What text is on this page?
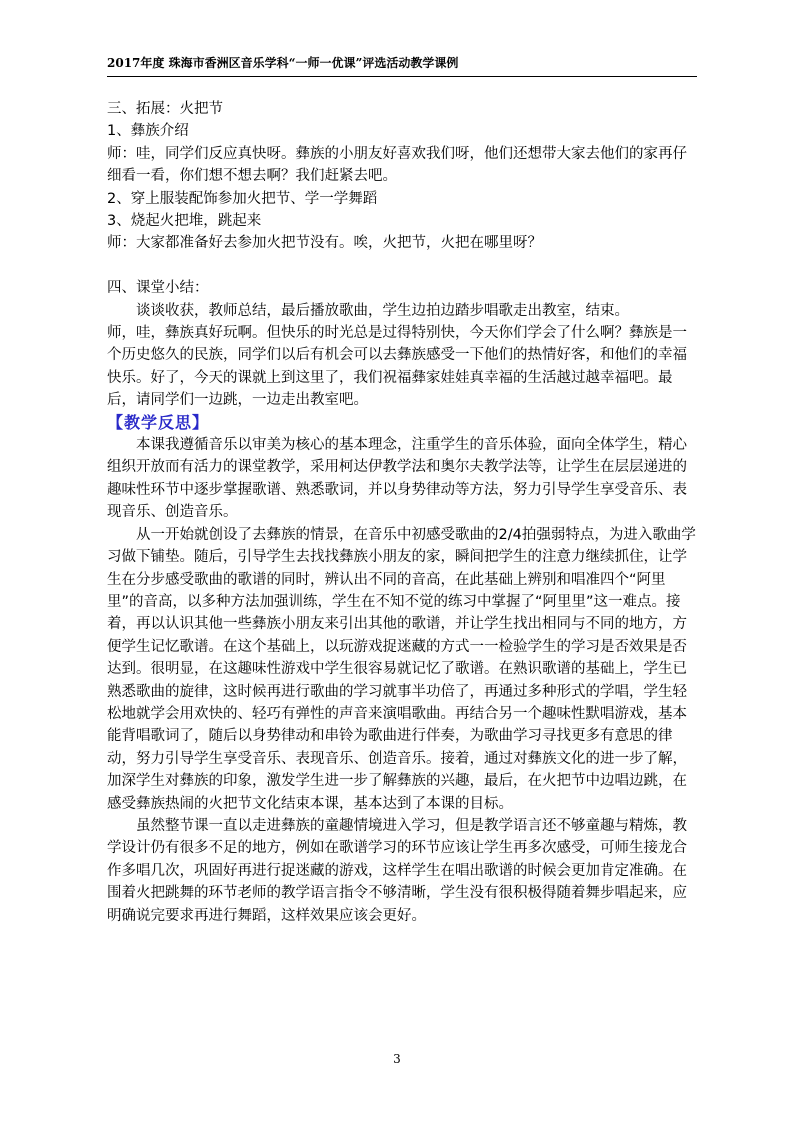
2017年度 珠海市香洲区音乐学科“一师一优课”评选活动教学课例

三、拓展：火把节

1、彝族介绍

师：哇，同学们反应真快呀。彝族的小朋友好喜欢我们呀，他们还想带大家去他们的家再仔细看一看，你们想不想去啊？我们赶紧去吧。

2、穿上服装配饰参加火把节、学一学舞蹈

3、烧起火把堆，跳起来

师：大家都准备好去参加火把节没有。唉，火把节，火把在哪里呀？

四、课堂小结：

谈谈收获，教师总结，最后播放歌曲，学生边拍边踏步唱歌走出教室，结束。

师，哇，彝族真好玩啊。但快乐的时光总是过得特别快，今天你们学会了什么啊？彝族是一个历史悠久的民族，同学们以后有机会可以去彝族感受一下他们的热情好客，和他们的幸福快乐。好了，今天的课就上到这里了，我们祝福彝家娃娃真幸福的生活越过越幸福吧。最后，请同学们一边跳，一边走出教室吧。

【教学反思】

本课我遵循音乐以审美为核心的基本理念，注重学生的音乐体验，面向全体学生，精心组织开放而有活力的课堂教学，采用柯达伊教学法和奥尔夫教学法等，让学生在层层递进的趣味性环节中逐步掌握歌谱、熟悉歌词，并以身势律动等方法，努力引导学生享受音乐、表现音乐、创造音乐。

从一开始就创设了去彝族的情景，在音乐中初感受歌曲的2/4拍强弱特点，为进入歌曲学习做下铺垫。随后，引导学生去找找彝族小朋友的家，瞬间把学生的注意力继续抓住，让学生在分步感受歌曲的歌谱的同时，辨认出不同的音高，在此基础上辨别和唱准四个“阿里里”的音高，以多种方法加强训练，学生在不知不觉的练习中掌握了“阿里里”这一难点。接着，再以认识其他一些彝族小朋友来引出其他的歌谱，并让学生找出相同与不同的地方，方便学生记忆歌谱。在这个基础上，以玩游戏捉迷藏的方式一一检验学生的学习是否效果是否达到。很明显，在这趣味性游戏中学生很容易就记忆了歌谱。在熟识歌谱的基础上，学生已熟悉歌曲的旋律，这时候再进行歌曲的学习就事半功倍了，再通过多种形式的学唱，学生轻松地就学会用欢快的、轻巧有弹性的声音来演唱歌曲。再结合另一个趣味性默唱游戏，基本能背唱歌词了，随后以身势律动和串铃为歌曲进行伴奏，为歌曲学习寻找更多有意思的律动，努力引导学生享受音乐、表现音乐、创造音乐。接着，通过对彝族文化的进一步了解，加深学生对彝族的印象，激发学生进一步了解彝族的兴趣，最后，在火把节中边唱边跳，在感受彝族热闹的火把节文化结束本课，基本达到了本课的目标。

虽然整节课一直以走进彝族的童趣情境进入学习，但是教学语言还不够童趣与精炼，教学设计仍有很多不足的地方，例如在歌谱学习的环节应该让学生再多次感受，可师生接龙合作多唱几次，巩固好再进行捉迷藏的游戏，这样学生在唱出歌谱的时候会更加肯定准确。在围着火把跳舞的环节老师的教学语言指令不够清晰，学生没有很积极得随着舞步唱起来，应明确说完要求再进行舞蹈，这样效果应该会更好。

3
